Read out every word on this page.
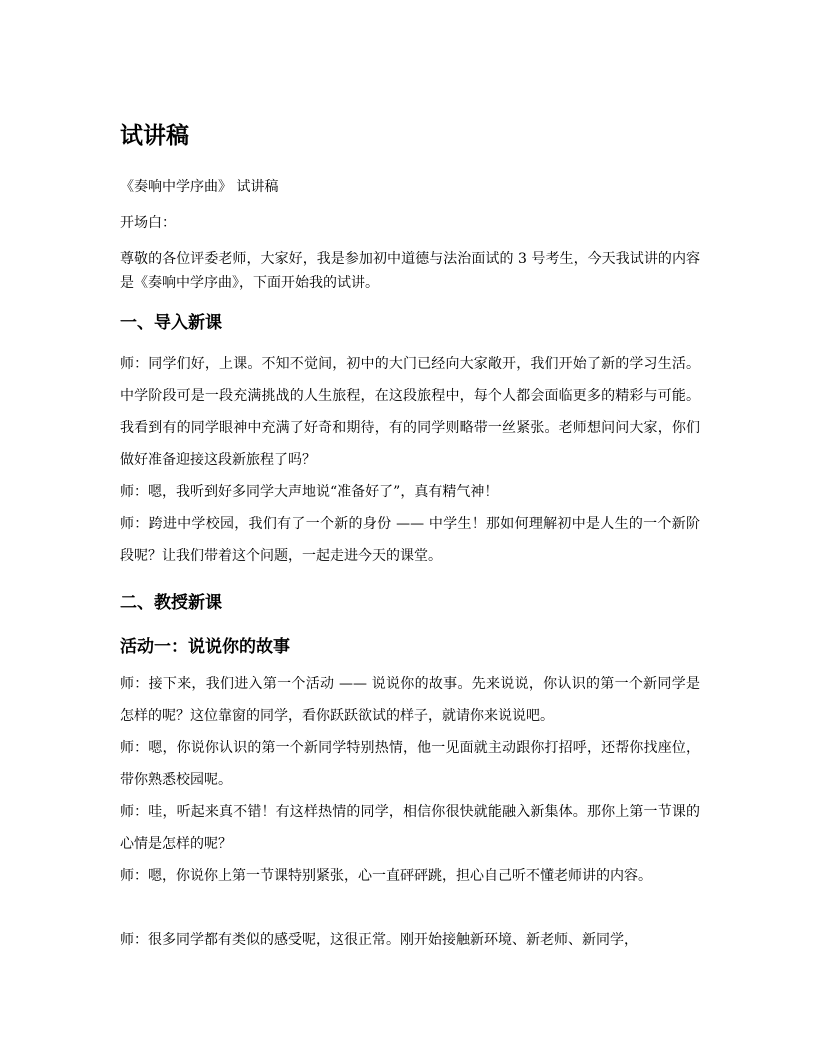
试讲稿

《奏响中学序曲》 试讲稿

开场白：

尊敬的各位评委老师，大家好，我是参加初中道德与法治面试的 3 号考生，今天我试讲的内容是《奏响中学序曲》，下面开始我的试讲。

一、导入新课

师：同学们好，上课。不知不觉间，初中的大门已经向大家敞开，我们开始了新的学习生活。中学阶段可是一段充满挑战的人生旅程，在这段旅程中，每个人都会面临更多的精彩与可能。我看到有的同学眼神中充满了好奇和期待，有的同学则略带一丝紧张。老师想问问大家，你们做好准备迎接这段新旅程了吗？

师：嗯，我听到好多同学大声地说“准备好了”，真有精气神！

师：跨进中学校园，我们有了一个新的身份 —— 中学生！那如何理解初中是人生的一个新阶段呢？让我们带着这个问题，一起走进今天的课堂。

二、教授新课
活动一：说说你的故事

师：接下来，我们进入第一个活动 —— 说说你的故事。先来说说，你认识的第一个新同学是怎样的呢？这位靠窗的同学，看你跃跃欲试的样子，就请你来说说吧。

师：嗯，你说你认识的第一个新同学特别热情，他一见面就主动跟你打招呼，还帮你找座位，带你熟悉校园呢。

师：哇，听起来真不错！有这样热情的同学，相信你很快就能融入新集体。那你上第一节课的心情是怎样的呢？

师：嗯，你说你上第一节课特别紧张，心一直砰砰跳，担心自己听不懂老师讲的内容。

师：很多同学都有类似的感受呢，这很正常。刚开始接触新环境、新老师、新同学，
